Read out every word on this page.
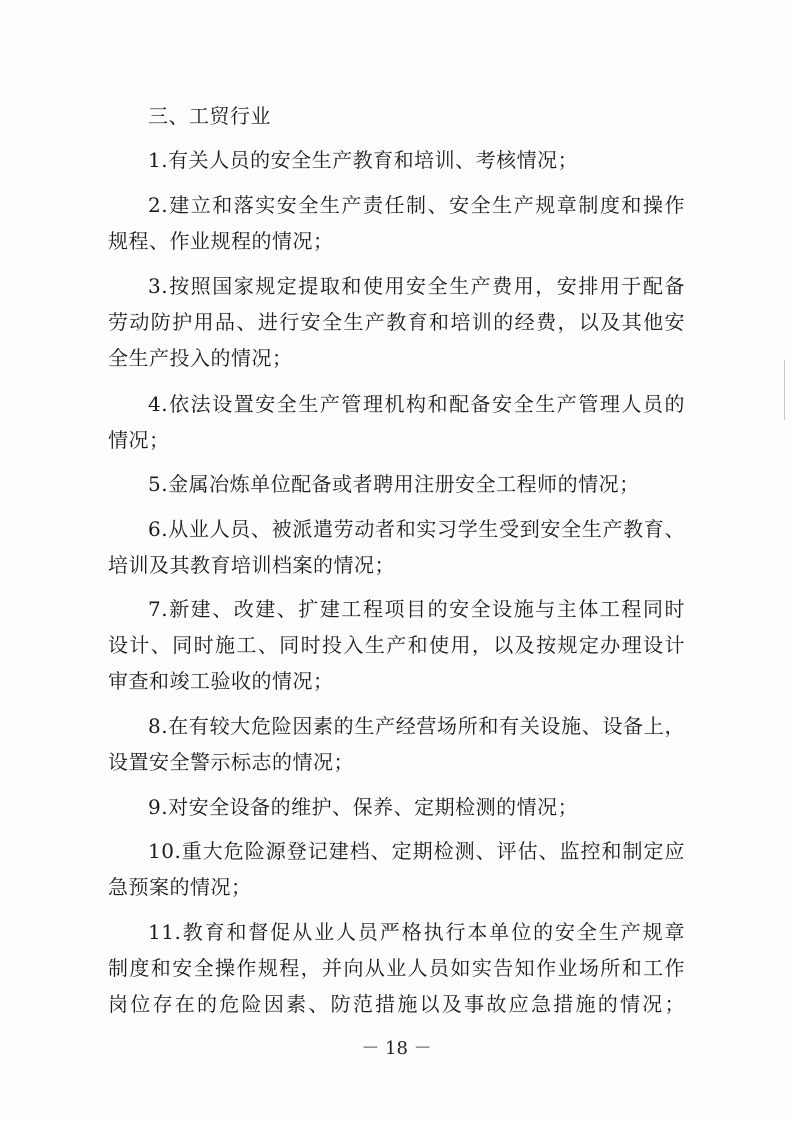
三、工贸行业
1.有关人员的安全生产教育和培训、考核情况；
2.建立和落实安全生产责任制、安全生产规章制度和操作
规程、作业规程的情况；
3.按照国家规定提取和使用安全生产费用，安排用于配备
劳动防护用品、进行安全生产教育和培训的经费，以及其他安
全生产投入的情况；
4.依法设置安全生产管理机构和配备安全生产管理人员的
情况；
5.金属冶炼单位配备或者聘用注册安全工程师的情况；
6.从业人员、被派遣劳动者和实习学生受到安全生产教育、
培训及其教育培训档案的情况；
7.新建、改建、扩建工程项目的安全设施与主体工程同时
设计、同时施工、同时投入生产和使用，以及按规定办理设计
审查和竣工验收的情况；
8.在有较大危险因素的生产经营场所和有关设施、设备上，
设置安全警示标志的情况；
9.对安全设备的维护、保养、定期检测的情况；
10.重大危险源登记建档、定期检测、评估、监控和制定应
急预案的情况；
11.教育和督促从业人员严格执行本单位的安全生产规章
制度和安全操作规程，并向从业人员如实告知作业场所和工作
岗位存在的危险因素、防范措施以及事故应急措施的情况；
－ 18 －
